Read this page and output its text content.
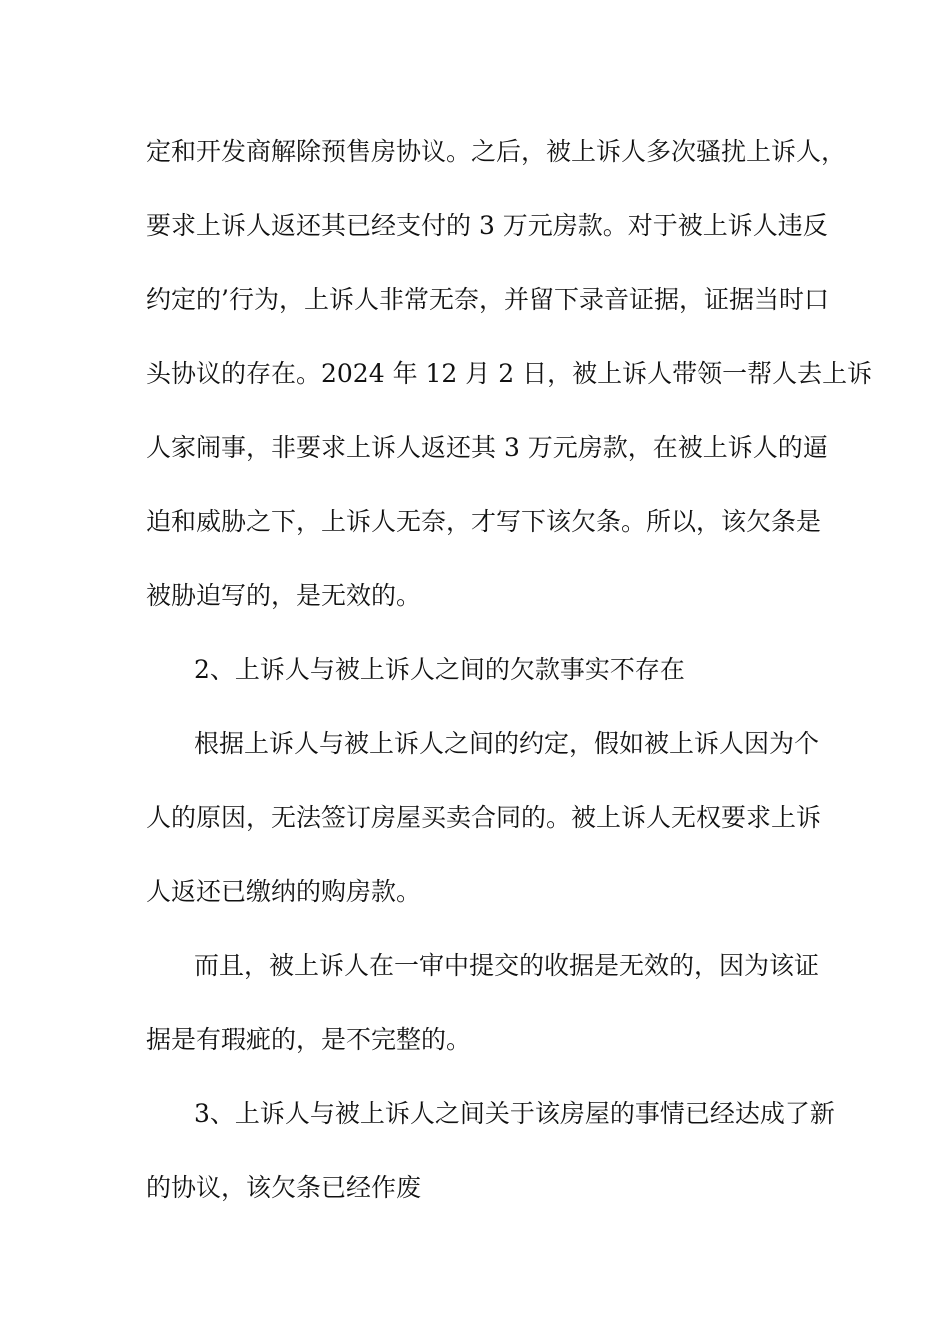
定和开发商解除预售房协议。之后，被上诉人多次骚扰上诉人，
要求上诉人返还其已经支付的 3 万元房款。对于被上诉人违反
约定的’行为，上诉人非常无奈，并留下录音证据，证据当时口
头协议的存在。2024 年 12 月 2 日，被上诉人带领一帮人去上诉
人家闹事，非要求上诉人返还其 3 万元房款，在被上诉人的逼
迫和威胁之下，上诉人无奈，才写下该欠条。所以，该欠条是
被胁迫写的，是无效的。
2、上诉人与被上诉人之间的欠款事实不存在
根据上诉人与被上诉人之间的约定，假如被上诉人因为个
人的原因，无法签订房屋买卖合同的。被上诉人无权要求上诉
人返还已缴纳的购房款。
而且，被上诉人在一审中提交的收据是无效的，因为该证
据是有瑕疵的，是不完整的。
3、上诉人与被上诉人之间关于该房屋的事情已经达成了新
的协议，该欠条已经作废
